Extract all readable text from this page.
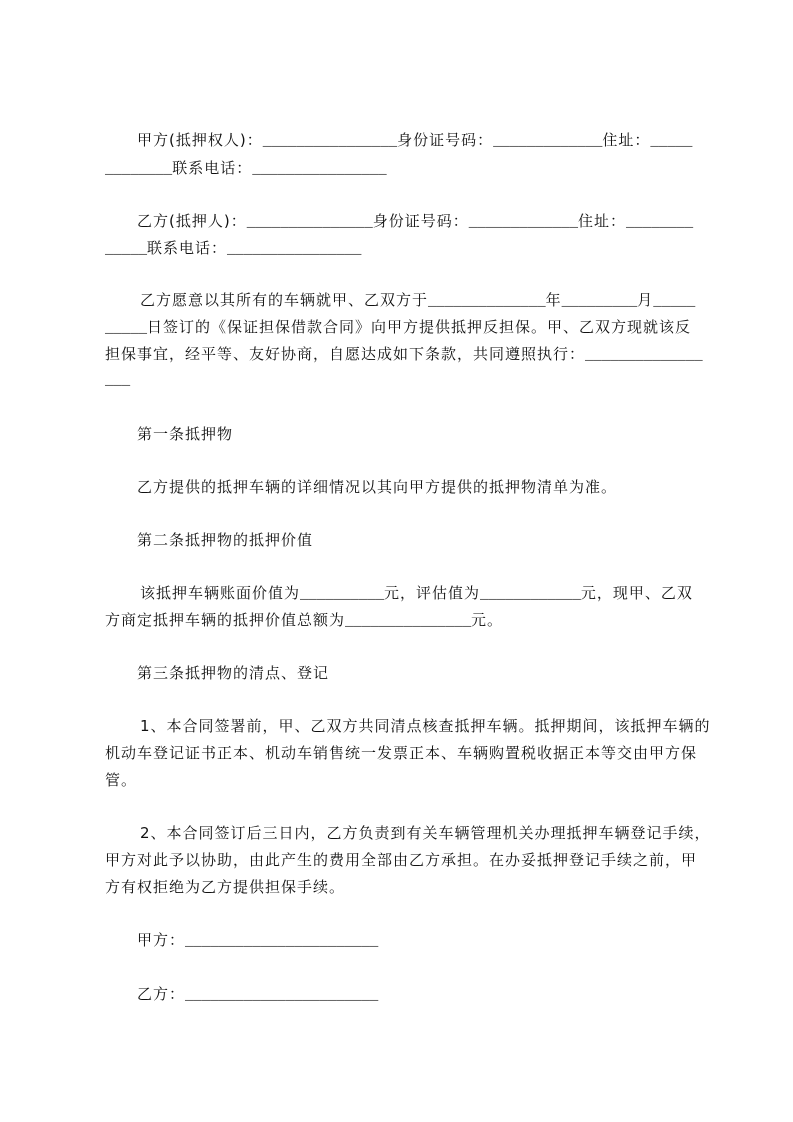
甲方(抵押权人)： ________________ 身份证号码： _____________ 住址： _____
________ 联系电话： ________________
乙方(抵押人)： _______________ 身份证号码： _____________ 住址： ________
_____ 联系电话： ________________
乙方愿意以其所有的车辆就甲、乙双方于 ______________ 年 _________ 月 _____
_____ 日签订的《保证担保借款合同》向甲方提供抵押反担保。甲、乙双方现就该反
担保事宜，经平等、友好协商，自愿达成如下条款，共同遵照执行： ______________
___
第一条抵押物
乙方提供的抵押车辆的详细情况以其向甲方提供的抵押物清单为准。
第二条抵押物的抵押价值
该抵押车辆账面价值为 __________ 元，评估值为 ____________ 元，现甲、乙双
方商定抵押车辆的抵押价值总额为 _______________ 元。
第三条抵押物的清点、登记
1、本合同签署前，甲、乙双方共同清点核查抵押车辆。抵押期间，该抵押车辆的
机动车登记证书正本、机动车销售统一发票正本、车辆购置税收据正本等交由甲方保
管。
2、本合同签订后三日内，乙方负责到有关车辆管理机关办理抵押车辆登记手续，
甲方对此予以协助，由此产生的费用全部由乙方承担。在办妥抵押登记手续之前，甲
方有权拒绝为乙方提供担保手续。
甲方： _______________________
乙方： _______________________
